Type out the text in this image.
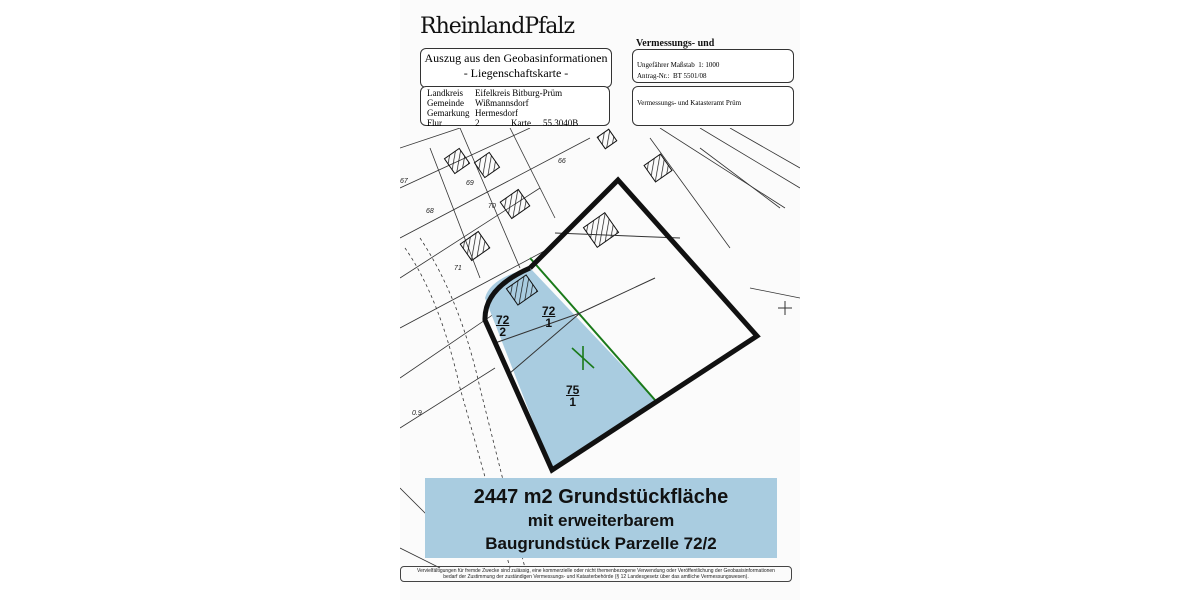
RheinlandPfalz
Vermessungs- und
Auszug aus den Geobasinformationen
- Liegenschaftskarte -
Ungefährer Maßstab
1: 1000
Antrag-Nr.:
BT 5501/08
Landkreis	Eifelkreis Bitburg-Prüm
Gemeinde	Wißmannsdorf
Gemarkung Hermesdorf
Flur	2	Karte	55.3040B
Vermessungs- und Katasteramt Prüm
66
69
70
68
71
0.9
67
72
2
72
1
75
1
2447 m2 Grundstückfläche
mit erweiterbarem
Baugrundstück Parzelle 72/2
Vervielfältigungen für fremde Zwecke sind zulässig, eine kommerzielle oder nicht themenbezogene Verwendung oder Veröffentlichung der Geobasisinformationen
bedarf der Zustimmung der zuständigen Vermessungs- und Katasterbehörde (§ 12 Landesgesetz über das amtliche Vermessungswesen).
